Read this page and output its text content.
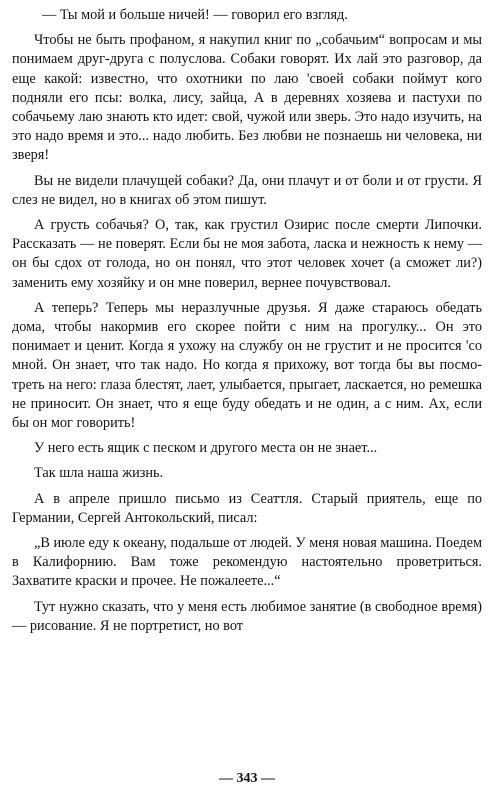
— Ты мой и больше ничей! — говорил его взгляд.

Чтобы не быть профаном, я накупил книг по „собачьим“ вопросам и мы понимаем друг-друга с полуслова. Собаки говорят. Их лай это разговор, да еще какой: известно, что охотники по лаю 'своей собаки поймут кого подняли его псы: волка, лису, зайца, А в деревнях хозяева и пастухи по собачьему лаю знають кто идет: свой, чужой или зверь. Это надо изучить, на это надо время и это... надо любить. Без любви не познаешь ни человека, ни зверя!

Вы не видели плачущей собаки? Да, они плачут и от боли и от грусти. Я слез не видел, но в книгах об этом пишут.

А грусть собачья? О, так, как грустил Озирис после смерти Липочки. Рассказать — не поверят. Если бы не моя забота, ласка и нежность к нему — он бы сдох от голода, но он понял, что этот человек хочет (а сможет ли?) заменить ему хозяйку и он мне поверил, вернее почувствовал.

А теперь? Теперь мы неразлучные друзья. Я даже стараюсь обедать дома, чтобы накормив его скорее пойти с ним на прогулку... Он это понимает и ценит. Когда я ухожу на службу он не грустит и не просится 'со мной. Он знает, что так надо. Но когда я прихожу, вот тогда бы вы посмотреть на него: глаза блестят, лает, улыбается, прыгает, ласкается, но ремешка не приносит. Он знает, что я еще буду обедать и не один, а с ним. Ах, если бы он мог говорить!

У него есть ящик с песком и другого места он не знает...

Так шла наша жизнь.

А в апреле пришло письмо из Сеаттля. Старый приятель, еще по Германии, Сергей Антокольский, писал:

„В июле еду к океану, подальше от людей. У меня новая машина. Поедем в Калифорнию. Вам тоже рекомендую настоятельно проветриться. Захватите краски и прочее. Не пожалеете...“

Тут нужно сказать, что у меня есть любимое занятие (в свободное время) — рисование. Я не портретист, но вот

— 343 —
